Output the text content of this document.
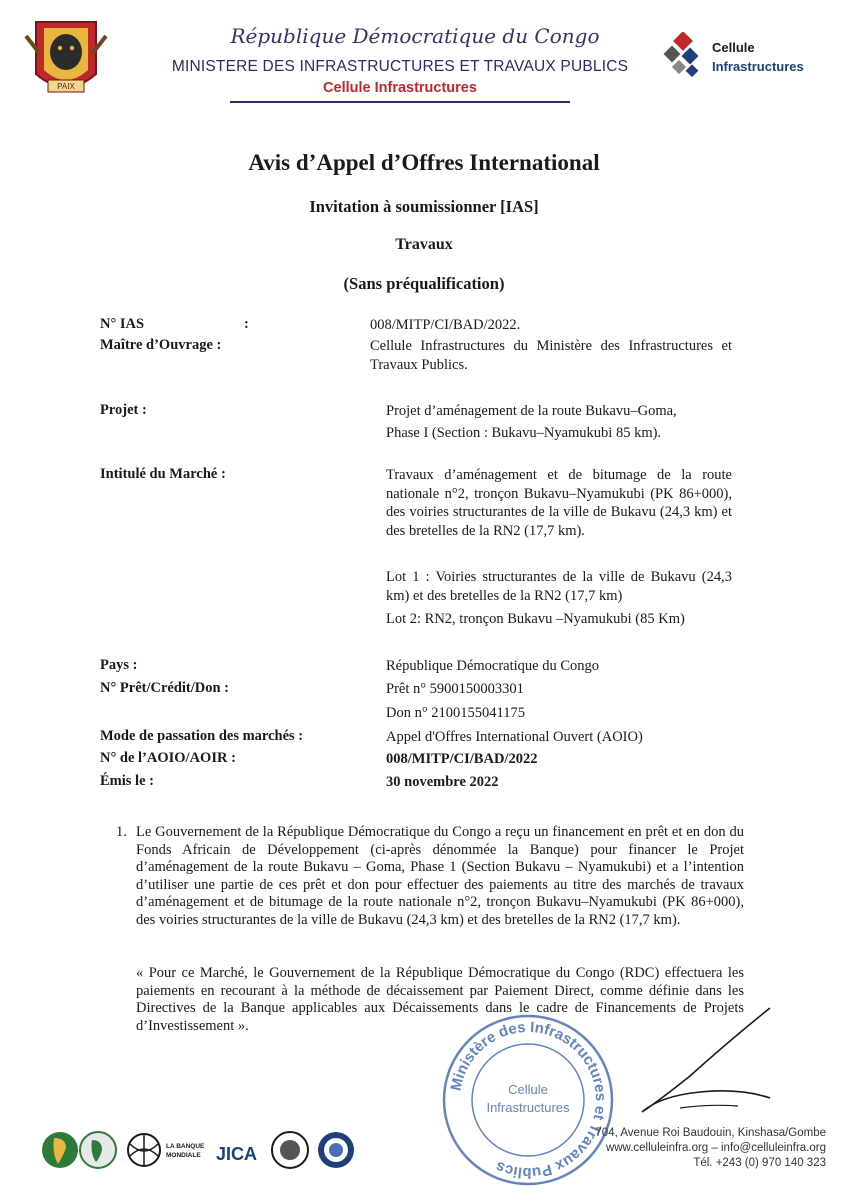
PAIX
République Démocratique du Congo
MINISTERE DES INFRASTRUCTURES ET TRAVAUX PUBLICS
Cellule Infrastructures
Cellule
Infrastructures
Avis d’Appel d’Offres International
Invitation à soumissionner [IAS]
Travaux
(Sans préqualification)
N° IAS	:	008/MITP/CI/BAD/2022.
Maître d’Ouvrage :	Cellule Infrastructures du Ministère des Infrastructures et Travaux Publics.
Projet :	Projet d’aménagement de la route Bukavu–Goma,
Phase I (Section : Bukavu–Nyamukubi 85 km).
Intitulé du Marché :	Travaux d’aménagement et de bitumage de la route nationale n°2, tronçon Bukavu–Nyamukubi (PK 86+000), des voiries structurantes de la ville de Bukavu (24,3 km) et des bretelles de la RN2 (17,7 km).
Lot 1 : Voiries structurantes de la ville de Bukavu (24,3 km) et des bretelles de la RN2 (17,7 km)
Lot 2: RN2, tronçon Bukavu –Nyamukubi (85 Km)
Pays :	République Démocratique du Congo
N° Prêt/Crédit/Don :	Prêt n° 5900150003301
Don n° 2100155041175
Mode de passation des marchés :	Appel d'Offres International Ouvert (AOIO)
N° de l’AOIO/AOIR :	008/MITP/CI/BAD/2022
Émis le :	30 novembre 2022
1. Le Gouvernement de la République Démocratique du Congo a reçu un financement en prêt et en don du Fonds Africain de Développement (ci-après dénommée la Banque) pour financer le Projet d’aménagement de la route Bukavu – Goma, Phase 1 (Section Bukavu – Nyamukubi) et a l’intention d’utiliser une partie de ces prêt et don pour effectuer des paiements au titre des marchés de travaux d’aménagement et de bitumage de la route nationale n°2, tronçon Bukavu–Nyamukubi (PK 86+000), des voiries structurantes de la ville de Bukavu (24,3 km) et des bretelles de la RN2 (17,7 km).
« Pour ce Marché, le Gouvernement de la République Démocratique du Congo (RDC) effectuera les paiements en recourant à la méthode de décaissement par Paiement Direct, comme définie dans les Directives de la Banque applicables aux Décaissements dans le cadre de Financements de Projets d’Investissement ».
Ministère des Infrastructures et Travaux Publics
Cellule
Infrastructures
LA BANQUE
MONDIALE JICA
704, Avenue Roi Baudouin, Kinshasa/Gombe
www.celluleinfra.org – info@celluleinfra.org
Tél. +243 (0) 970 140 323
